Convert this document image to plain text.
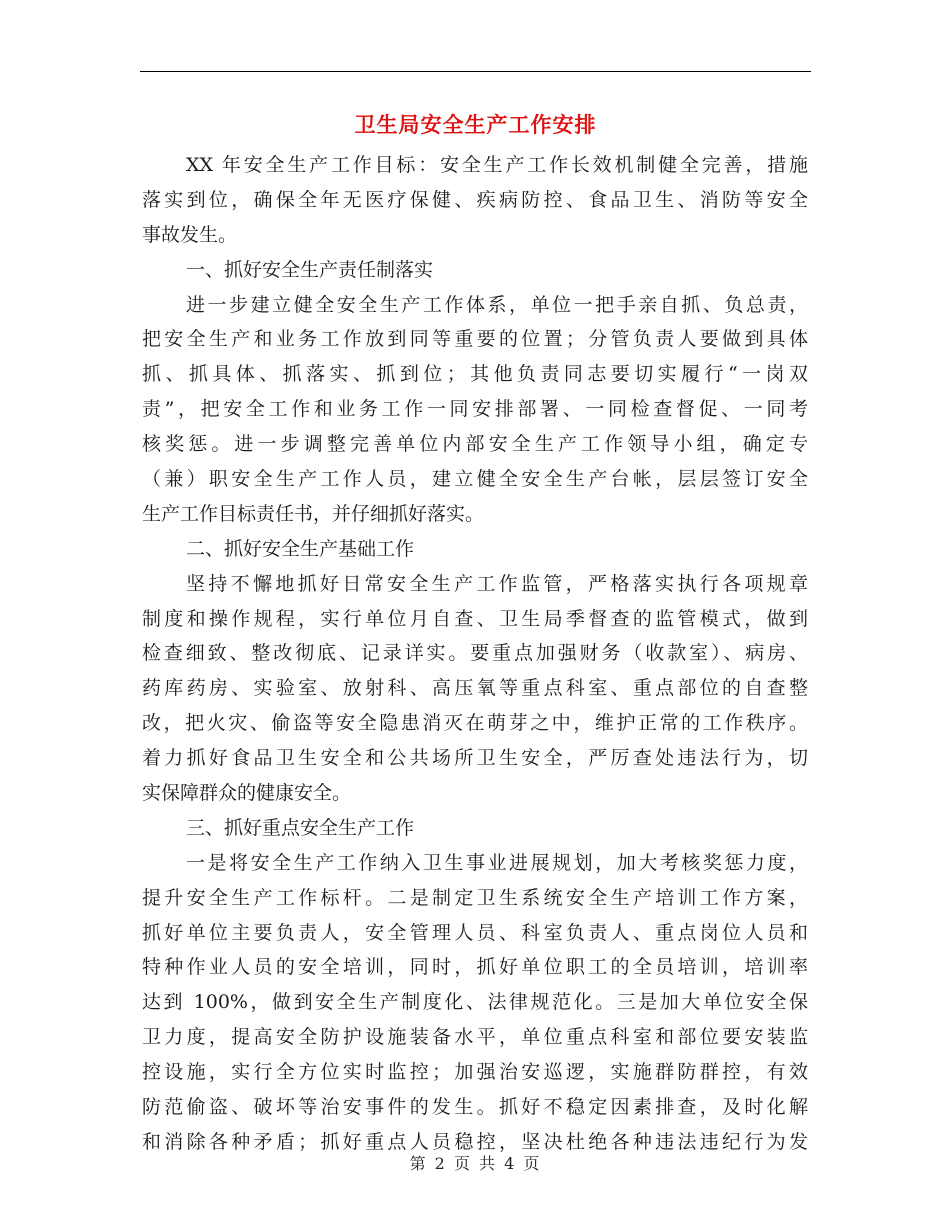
卫生局安全生产工作安排
XX 年安全生产工作目标：安全生产工作长效机制健全完善，措施
落实到位，确保全年无医疗保健、疾病防控、食品卫生、消防等安全
事故发生。
一、抓好安全生产责任制落实
进一步建立健全安全生产工作体系，单位一把手亲自抓、负总责，
把安全生产和业务工作放到同等重要的位置；分管负责人要做到具体
抓、抓具体、抓落实、抓到位；其他负责同志要切实履行“一岗双
责”，把安全工作和业务工作一同安排部署、一同检查督促、一同考
核奖惩。进一步调整完善单位内部安全生产工作领导小组，确定专
（兼）职安全生产工作人员，建立健全安全生产台帐，层层签订安全
生产工作目标责任书，并仔细抓好落实。
二、抓好安全生产基础工作
坚持不懈地抓好日常安全生产工作监管，严格落实执行各项规章
制度和操作规程，实行单位月自查、卫生局季督查的监管模式，做到
检查细致、整改彻底、记录详实。要重点加强财务（收款室）、病房、
药库药房、实验室、放射科、高压氧等重点科室、重点部位的自查整
改，把火灾、偷盗等安全隐患消灭在萌芽之中，维护正常的工作秩序。
着力抓好食品卫生安全和公共场所卫生安全，严厉查处违法行为，切
实保障群众的健康安全。
三、抓好重点安全生产工作
一是将安全生产工作纳入卫生事业进展规划，加大考核奖惩力度，
提升安全生产工作标杆。二是制定卫生系统安全生产培训工作方案，
抓好单位主要负责人，安全管理人员、科室负责人、重点岗位人员和
特种作业人员的安全培训，同时，抓好单位职工的全员培训，培训率
达到 100%，做到安全生产制度化、法律规范化。三是加大单位安全保
卫力度，提高安全防护设施装备水平，单位重点科室和部位要安装监
控设施，实行全方位实时监控；加强治安巡逻，实施群防群控，有效
防范偷盗、破坏等治安事件的发生。抓好不稳定因素排查，及时化解
和消除各种矛盾；抓好重点人员稳控，坚决杜绝各种违法违纪行为发
第 2 页 共 4 页
